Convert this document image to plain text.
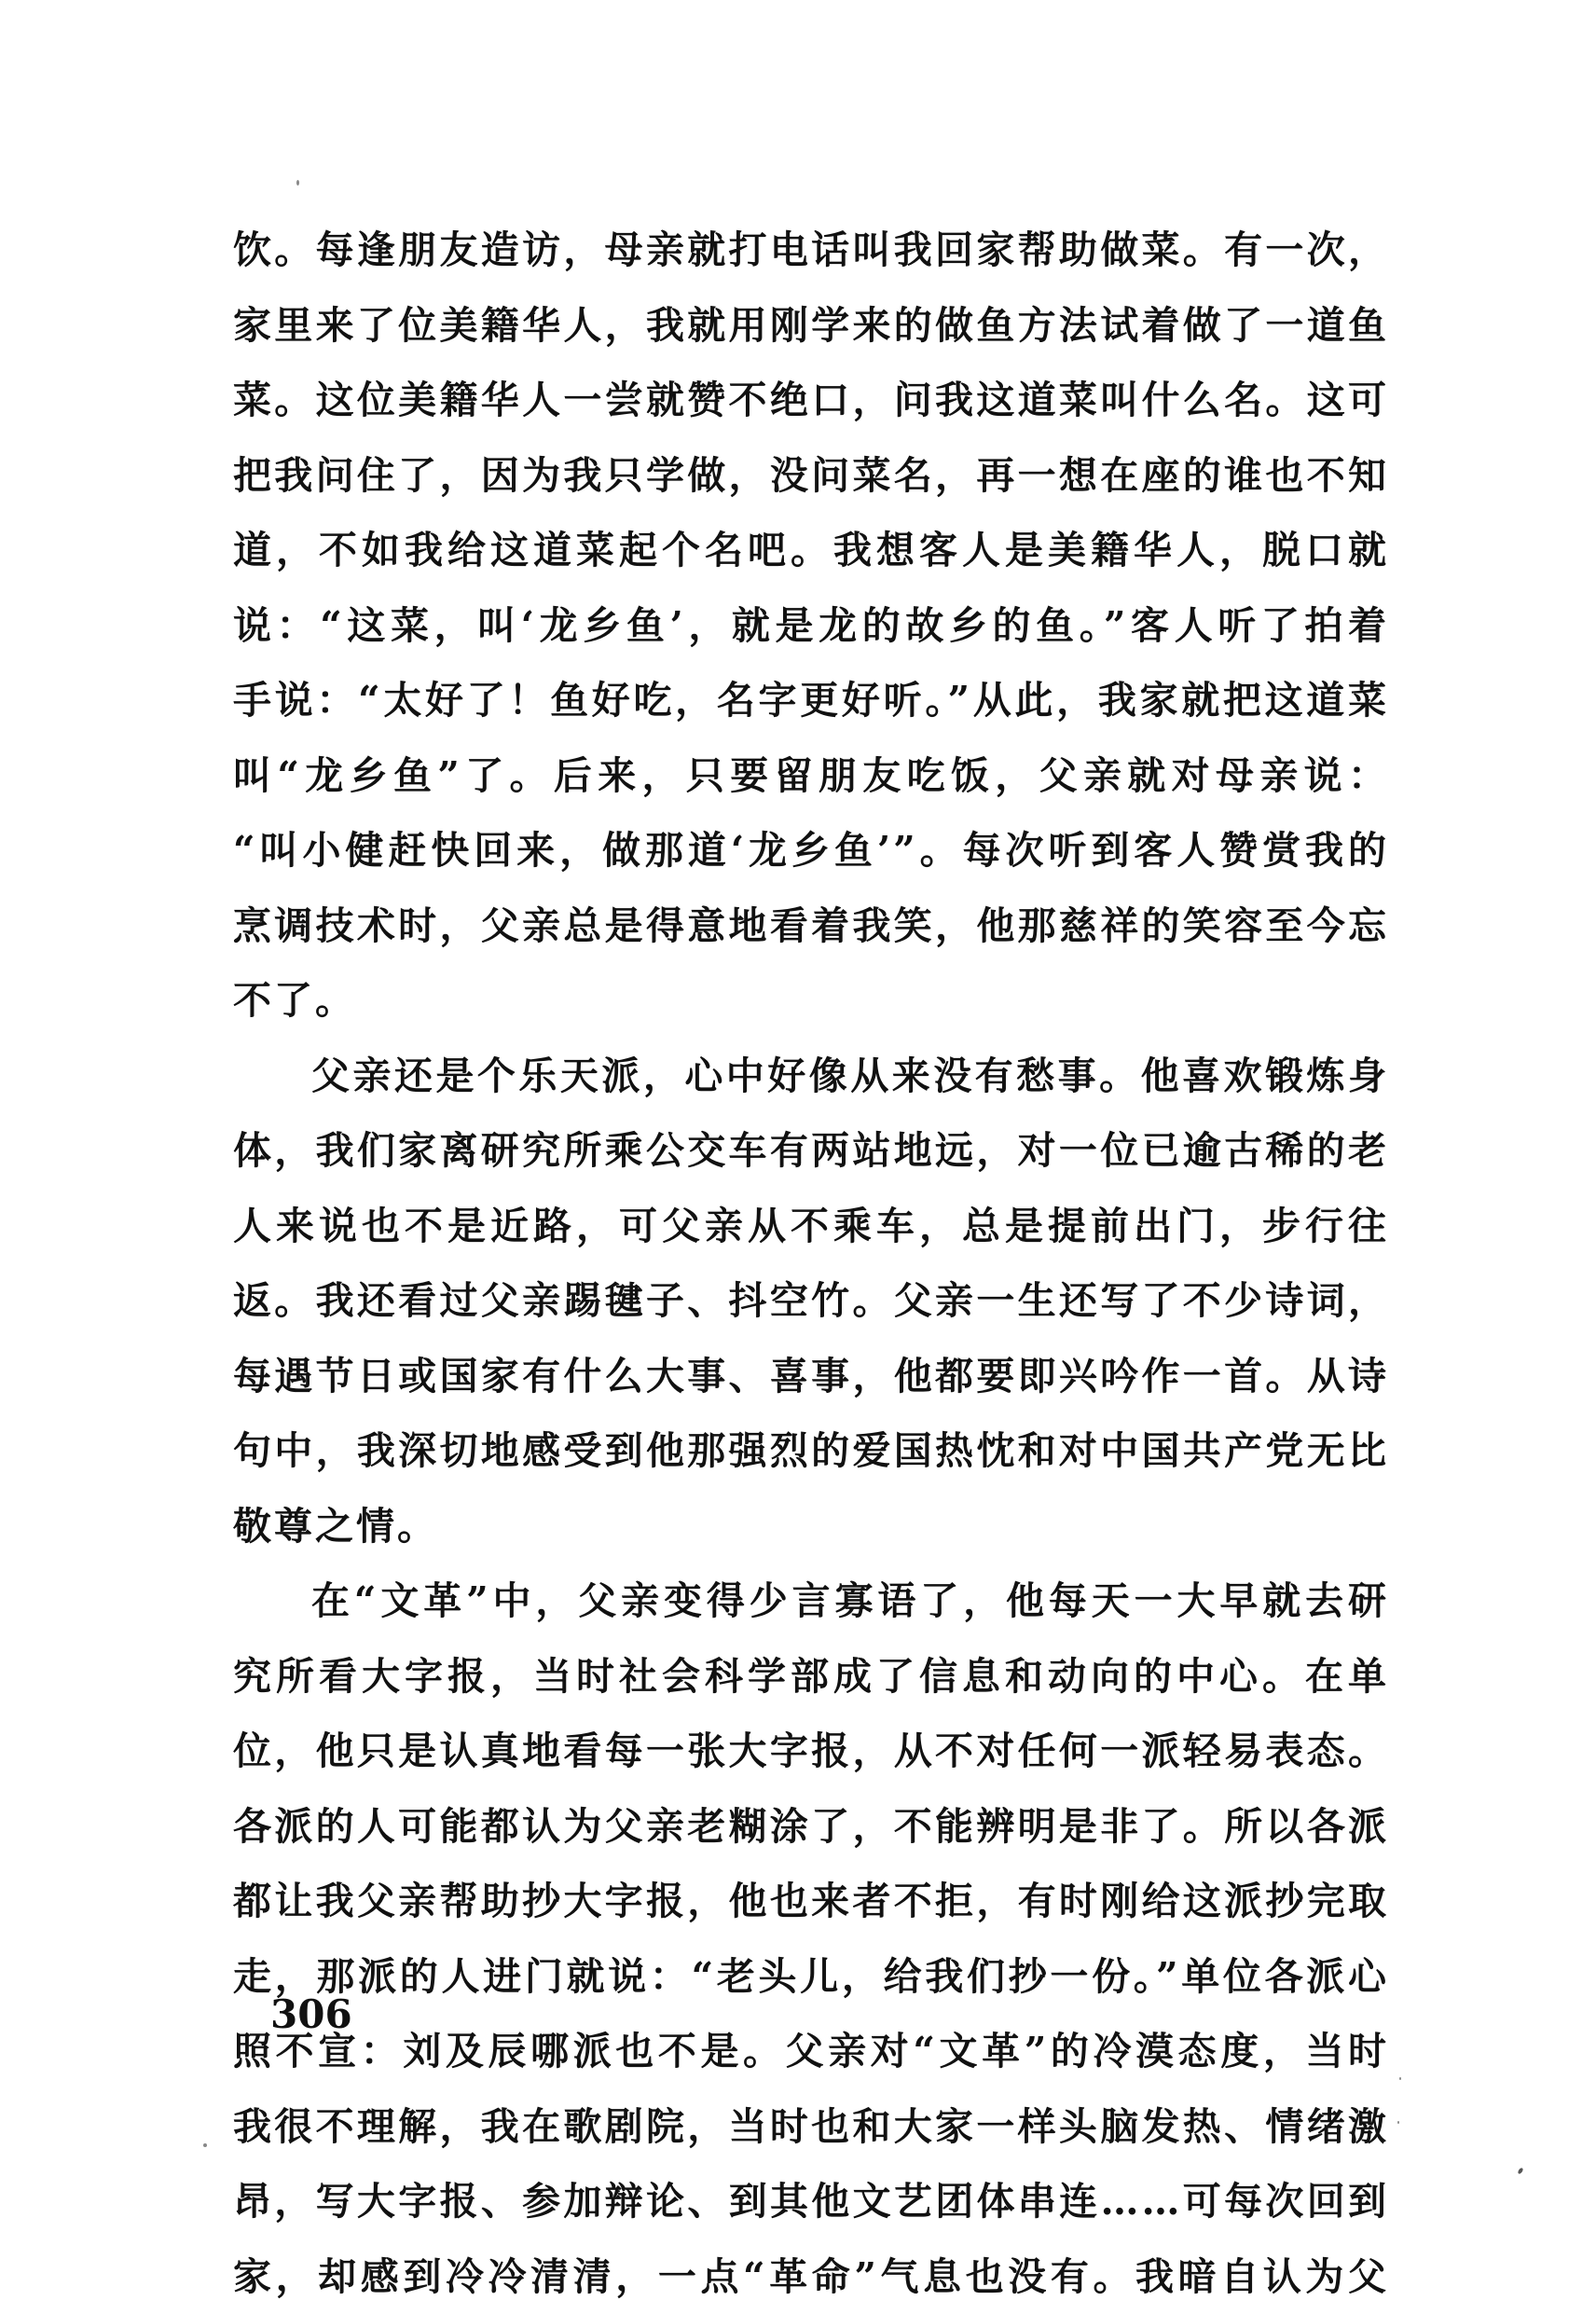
饮。每逢朋友造访，母亲就打电话叫我回家帮助做菜。有一次，
家里来了位美籍华人，我就用刚学来的做鱼方法试着做了一道鱼
菜。这位美籍华人一尝就赞不绝口，问我这道菜叫什么名。这可
把我问住了，因为我只学做，没问菜名，再一想在座的谁也不知
道，不如我给这道菜起个名吧。我想客人是美籍华人，脱口就
说：“这菜，叫‘龙乡鱼’，就是龙的故乡的鱼。”客人听了拍着
手说：“太好了！鱼好吃，名字更好听。”从此，我家就把这道菜
叫“龙乡鱼”了。后来，只要留朋友吃饭，父亲就对母亲说：
“叫小健赶快回来，做那道‘龙乡鱼’”。每次听到客人赞赏我的
烹调技术时，父亲总是得意地看着我笑，他那慈祥的笑容至今忘
不了。
父亲还是个乐天派，心中好像从来没有愁事。他喜欢锻炼身
体，我们家离研究所乘公交车有两站地远，对一位已逾古稀的老
人来说也不是近路，可父亲从不乘车，总是提前出门，步行往
返。我还看过父亲踢毽子、抖空竹。父亲一生还写了不少诗词，
每遇节日或国家有什么大事、喜事，他都要即兴吟作一首。从诗
句中，我深切地感受到他那强烈的爱国热忱和对中国共产党无比
敬尊之情。
在“文革”中，父亲变得少言寡语了，他每天一大早就去研
究所看大字报，当时社会科学部成了信息和动向的中心。在单
位，他只是认真地看每一张大字报，从不对任何一派轻易表态。
各派的人可能都认为父亲老糊涂了，不能辨明是非了。所以各派
都让我父亲帮助抄大字报，他也来者不拒，有时刚给这派抄完取
走，那派的人进门就说：“老头儿，给我们抄一份。”单位各派心
照不宣：刘及辰哪派也不是。父亲对“文革”的冷漠态度，当时
我很不理解，我在歌剧院，当时也和大家一样头脑发热、情绪激
昂，写大字报、参加辩论、到其他文艺团体串连……可每次回到
家，却感到冷冷清清，一点“革命”气息也没有。我暗自认为父
306
